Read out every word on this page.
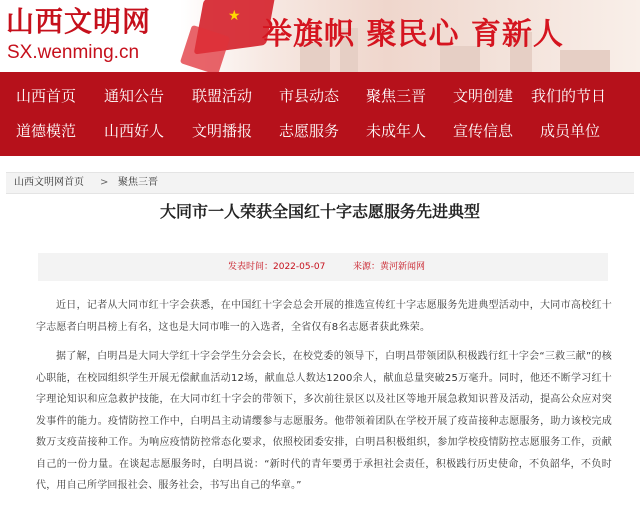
★
山西文明网
SX.wenming.cn
举旗帜 聚民心 育新人
山西首页 通知公告 联盟活动 市县动态 聚焦三晋 文明创建 我们的节日
道德模范 山西好人 文明播报 志愿服务 未成年人 宣传信息 成员单位
山西文明网首页 > 聚焦三晋
大同市一人荣获全国红十字志愿服务先进典型
发表时间：2022-05-07	来源：黄河新闻网

近日，记者从大同市红十字会获悉，在中国红十字会总会开展的推选宣传红十字志愿服务先进典型活动中，大同市高校红十字志愿者白明昌榜上有名，这也是大同市唯一的入选者，全省仅有8名志愿者获此殊荣。

据了解，白明昌是大同大学红十字会学生分会会长，在校党委的领导下，白明昌带领团队积极践行红十字会“三救三献”的核心职能，在校园组织学生开展无偿献血活动12场，献血总人数达1200余人，献血总量突破25万毫升。同时，他还不断学习红十字理论知识和应急救护技能，在大同市红十字会的带领下，多次前往景区以及社区等地开展急救知识普及活动，提高公众应对突发事件的能力。疫情防控工作中，白明昌主动请缨参与志愿服务。他带领着团队在学校开展了疫苗接种志愿服务，助力该校完成数万支疫苗接种工作。为响应疫情防控常态化要求，依照校团委安排，白明昌积极组织，参加学校疫情防控志愿服务工作，贡献自己的一份力量。在谈起志愿服务时，白明昌说：“新时代的青年要勇于承担社会责任，积极践行历史使命，不负韶华，不负时代，用自己所学回报社会、服务社会，书写出自己的华章。”
